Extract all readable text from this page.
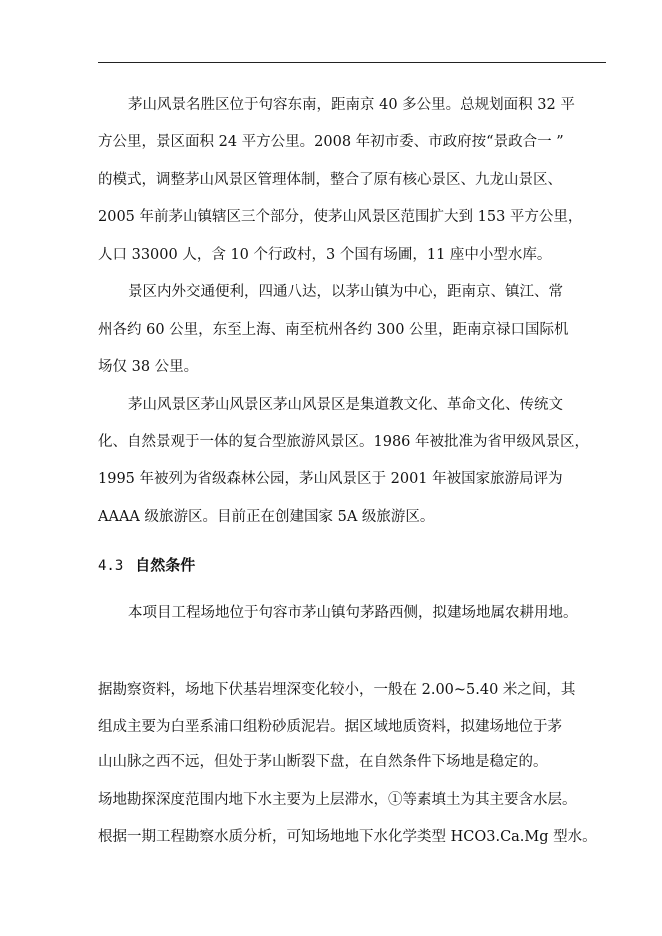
茅山风景名胜区位于句容东南，距南京 40 多公里。总规划面积 32 平
方公里，景区面积 24 平方公里。2008 年初市委、市政府按“景政合一 ”
的模式，调整茅山风景区管理体制，整合了原有核心景区、九龙山景区、
2005 年前茅山镇辖区三个部分，使茅山风景区范围扩大到 153 平方公里，
人口 33000 人，含 10 个行政村，3 个国有场圃，11 座中小型水库。
景区内外交通便利，四通八达，以茅山镇为中心，距南京、镇江、常
州各约 60 公里，东至上海、南至杭州各约 300 公里，距南京禄口国际机
场仅 38 公里。
茅山风景区茅山风景区茅山风景区是集道教文化、革命文化、传统文
化、自然景观于一体的复合型旅游风景区。1986 年被批准为省甲级风景区，
1995 年被列为省级森林公园，茅山风景区于 2001 年被国家旅游局评为
AAAA 级旅游区。目前正在创建国家 5A 级旅游区。
4.3 自然条件
本项目工程场地位于句容市茅山镇句茅路西侧，拟建场地属农耕用地。
据勘察资料，场地下伏基岩埋深变化较小，一般在 2.00~5.40 米之间，其
组成主要为白垩系浦口组粉砂质泥岩。据区域地质资料，拟建场地位于茅
山山脉之西不远，但处于茅山断裂下盘，在自然条件下场地是稳定的。
场地勘探深度范围内地下水主要为上层滞水，①等素填土为其主要含水层。
根据一期工程勘察水质分析，可知场地地下水化学类型 HCO3.Ca.Mg 型水。
